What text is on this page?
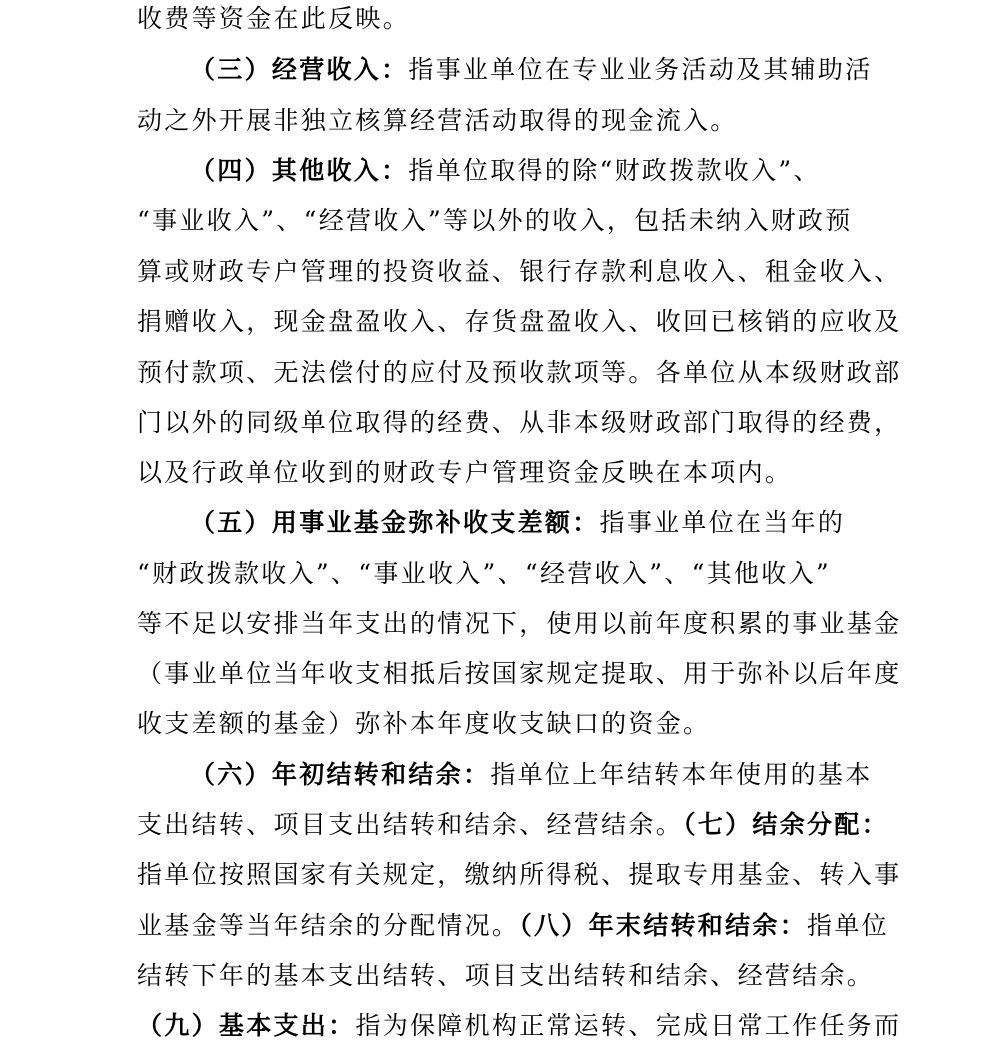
收费等资金在此反映。
（三）经营收入：指事业单位在专业业务活动及其辅助活
动之外开展非独立核算经营活动取得的现金流入。
（四）其他收入：指单位取得的除“财政拨款收入”、
“事业收入”、“经营收入”等以外的收入，包括未纳入财政预
算或财政专户管理的投资收益、银行存款利息收入、租金收入、
捐赠收入，现金盘盈收入、存货盘盈收入、收回已核销的应收及
预付款项、无法偿付的应付及预收款项等。各单位从本级财政部
门以外的同级单位取得的经费、从非本级财政部门取得的经费，
以及行政单位收到的财政专户管理资金反映在本项内。
（五）用事业基金弥补收支差额：指事业单位在当年的
“财政拨款收入”、“事业收入”、“经营收入”、“其他收入”
等不足以安排当年支出的情况下，使用以前年度积累的事业基金
（事业单位当年收支相抵后按国家规定提取、用于弥补以后年度
收支差额的基金）弥补本年度收支缺口的资金。
（六）年初结转和结余：指单位上年结转本年使用的基本
支出结转、项目支出结转和结余、经营结余。（七）结余分配：
指单位按照国家有关规定，缴纳所得税、提取专用基金、转入事
业基金等当年结余的分配情况。（八）年末结转和结余：指单位
结转下年的基本支出结转、项目支出结转和结余、经营结余。
（九）基本支出：指为保障机构正常运转、完成日常工作任务而
